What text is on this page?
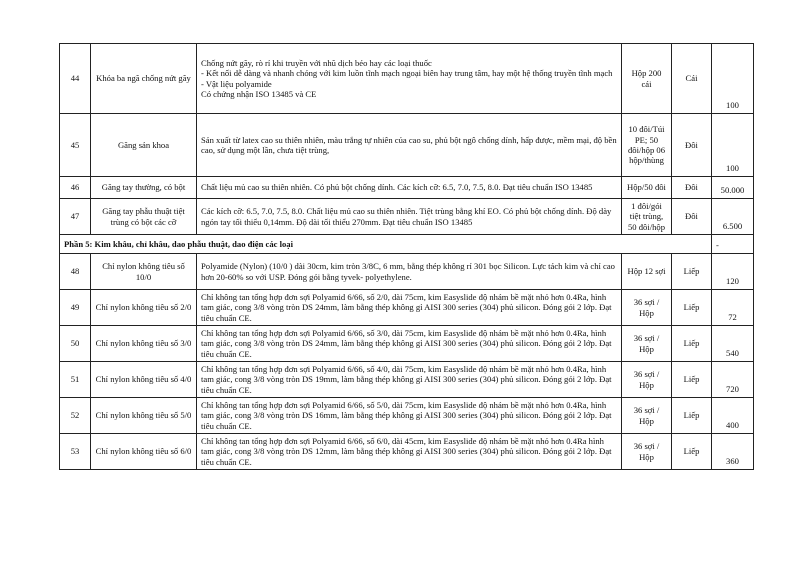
44	Khóa ba ngã chống nứt gãy	Chống nứt gãy, rò rỉ khi truyền với nhũ dịch béo hay các loại thuốc
- Kết nối dễ dàng và nhanh chóng với kim luồn tĩnh mạch ngoại biên hay trung tâm, hay một hệ thống truyền tĩnh mạch
- Vật liệu polyamide
Có chứng nhận ISO 13485 và CE	Hộp 200 cái	Cái	100
45	Găng sản khoa	Sản xuất từ latex cao su thiên nhiên, màu trắng tự nhiên của cao su, phủ bột ngô chống dính, hấp được, mềm mại, độ bền cao, sử dụng một lần, chưa tiệt trùng,	10 đôi/Túi PE; 50 đôi/hộp 06 hộp/thùng	Đôi	100
46	Găng tay thường, có bột	Chất liệu mủ cao su thiên nhiên. Có phủ bột chống dính. Các kích cỡ: 6.5, 7.0, 7.5, 8.0. Đạt tiêu chuẩn ISO 13485	Hộp/50 đôi	Đôi	50.000
47	Găng tay phẫu thuật tiệt trùng có bột các cỡ	Các kích cỡ: 6.5, 7.0, 7.5, 8.0. Chất liệu mủ cao su thiên nhiên. Tiệt trùng bằng khí EO. Có phủ bột chống dính. Độ dày ngón tay tối thiểu 0,14mm. Độ dài tối thiểu 270mm. Đạt tiêu chuẩn ISO 13485	1 đôi/gói tiệt trùng, 50 đôi/hộp	Đôi	6.500
Phần 5: Kim khâu, chỉ khâu, dao phẫu thuật, dao điện các loại					-
48	Chỉ nylon không tiêu số 10/0	Polyamide (Nylon) (10/0 ) dài 30cm, kim tròn 3/8C, 6 mm, bằng thép không rỉ 301 bọc Silicon. Lực tách kim và chỉ cao hơn 20-60% so với USP. Đóng gói bằng tyvek- polyethylene.	Hộp 12 sợi	Liếp	120
49	Chỉ nylon không tiêu số 2/0	Chỉ không tan tổng hợp đơn sợi Polyamid 6/66, số 2/0, dài 75cm, kim Easyslide độ nhám bề mặt nhỏ hơn 0.4Ra, hình tam giác, cong 3/8 vòng tròn DS 24mm, làm bằng thép không gỉ AISI 300 series (304) phủ silicon. Đóng gói 2 lớp. Đạt tiêu chuẩn CE.	36 sợi / Hộp	Liếp	72
50	Chỉ nylon không tiêu số 3/0	Chỉ không tan tổng hợp đơn sợi Polyamid 6/66, số 3/0, dài 75cm, kim Easyslide độ nhám bề mặt nhỏ hơn 0.4Ra, hình tam giác, cong 3/8 vòng tròn DS 24mm, làm bằng thép không gỉ AISI 300 series (304) phủ silicon. Đóng gói 2 lớp. Đạt tiêu chuẩn CE.	36 sợi / Hộp	Liếp	540
51	Chỉ nylon không tiêu số 4/0	Chỉ không tan tổng hợp đơn sợi Polyamid 6/66, số 4/0, dài 75cm, kim Easyslide độ nhám bề mặt nhỏ hơn 0.4Ra, hình tam giác, cong 3/8 vòng tròn DS 19mm, làm bằng thép không gỉ AISI 300 series (304) phủ silicon. Đóng gói 2 lớp. Đạt tiêu chuẩn CE.	36 sợi / Hộp	Liếp	720
52	Chỉ nylon không tiêu số 5/0	Chỉ không tan tổng hợp đơn sợi Polyamid 6/66, số 5/0, dài 75cm, kim Easyslide độ nhám bề mặt nhỏ hơn 0.4Ra, hình tam giác, cong 3/8 vòng tròn DS 16mm, làm bằng thép không gỉ AISI 300 series (304) phủ silicon. Đóng gói 2 lớp. Đạt tiêu chuẩn CE.	36 sợi / Hộp	Liếp	400
53	Chỉ nylon không tiêu số 6/0	Chỉ không tan tổng hợp đơn sợi Polyamid 6/66, số 6/0, dài 45cm, kim Easyslide độ nhám bề mặt nhỏ hơn 0.4Ra hình tam giác, cong 3/8 vòng tròn DS 12mm, làm bằng thép không gỉ AISI 300 series (304) phủ silicon. Đóng gói 2 lớp. Đạt tiêu chuẩn CE.	36 sợi / Hộp	Liếp	360
